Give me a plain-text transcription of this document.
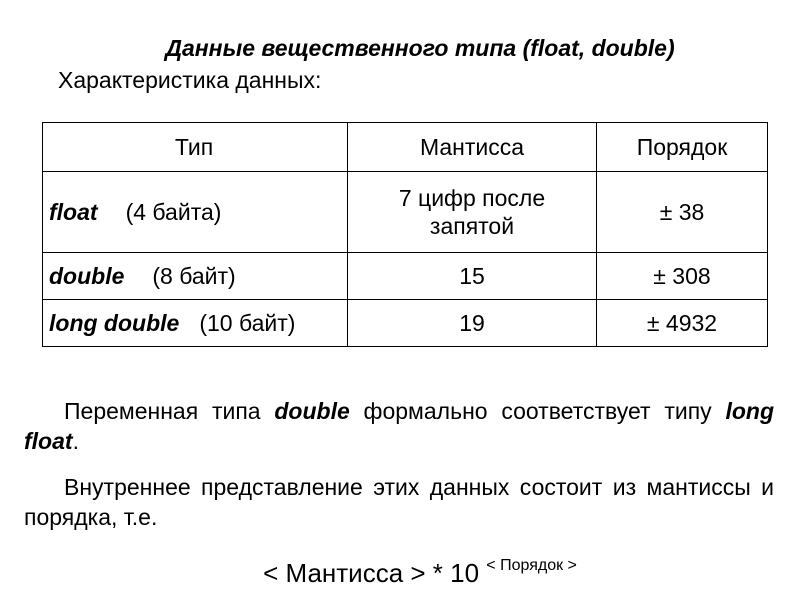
Данные вещественного типа (float, double)
Характеристика данных:
Тип	Мантисса	Порядок
float (4 байта)	7 цифр после запятой	± 38
double (8 байт)	15	± 308
long double (10 байт)	19	± 4932
Переменная типа double формально соответствует типу long float.
Внутреннее представление этих данных состоит из мантиссы и порядка, т.е.
< Мантисса > * 10 $^{< Порядок >}$
